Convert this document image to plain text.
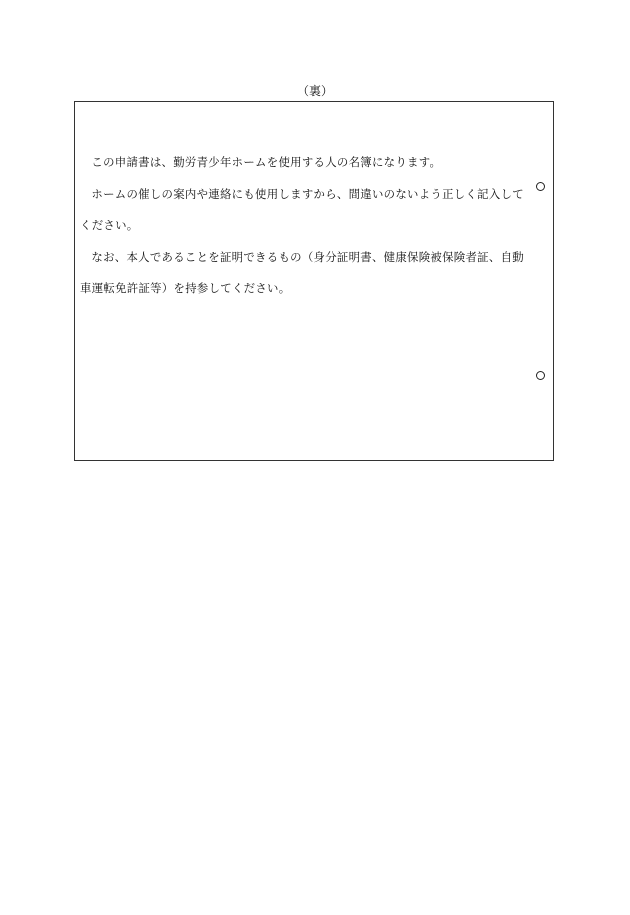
（裏）

この申請書は、勤労青少年ホームを使用する人の名簿になります。

ホームの催しの案内や連絡にも使用しますから、間違いのないよう正しく記入してください。

なお、本人であることを証明できるもの（身分証明書、健康保険被保険者証、自動車運転免許証等）を持参してください。
